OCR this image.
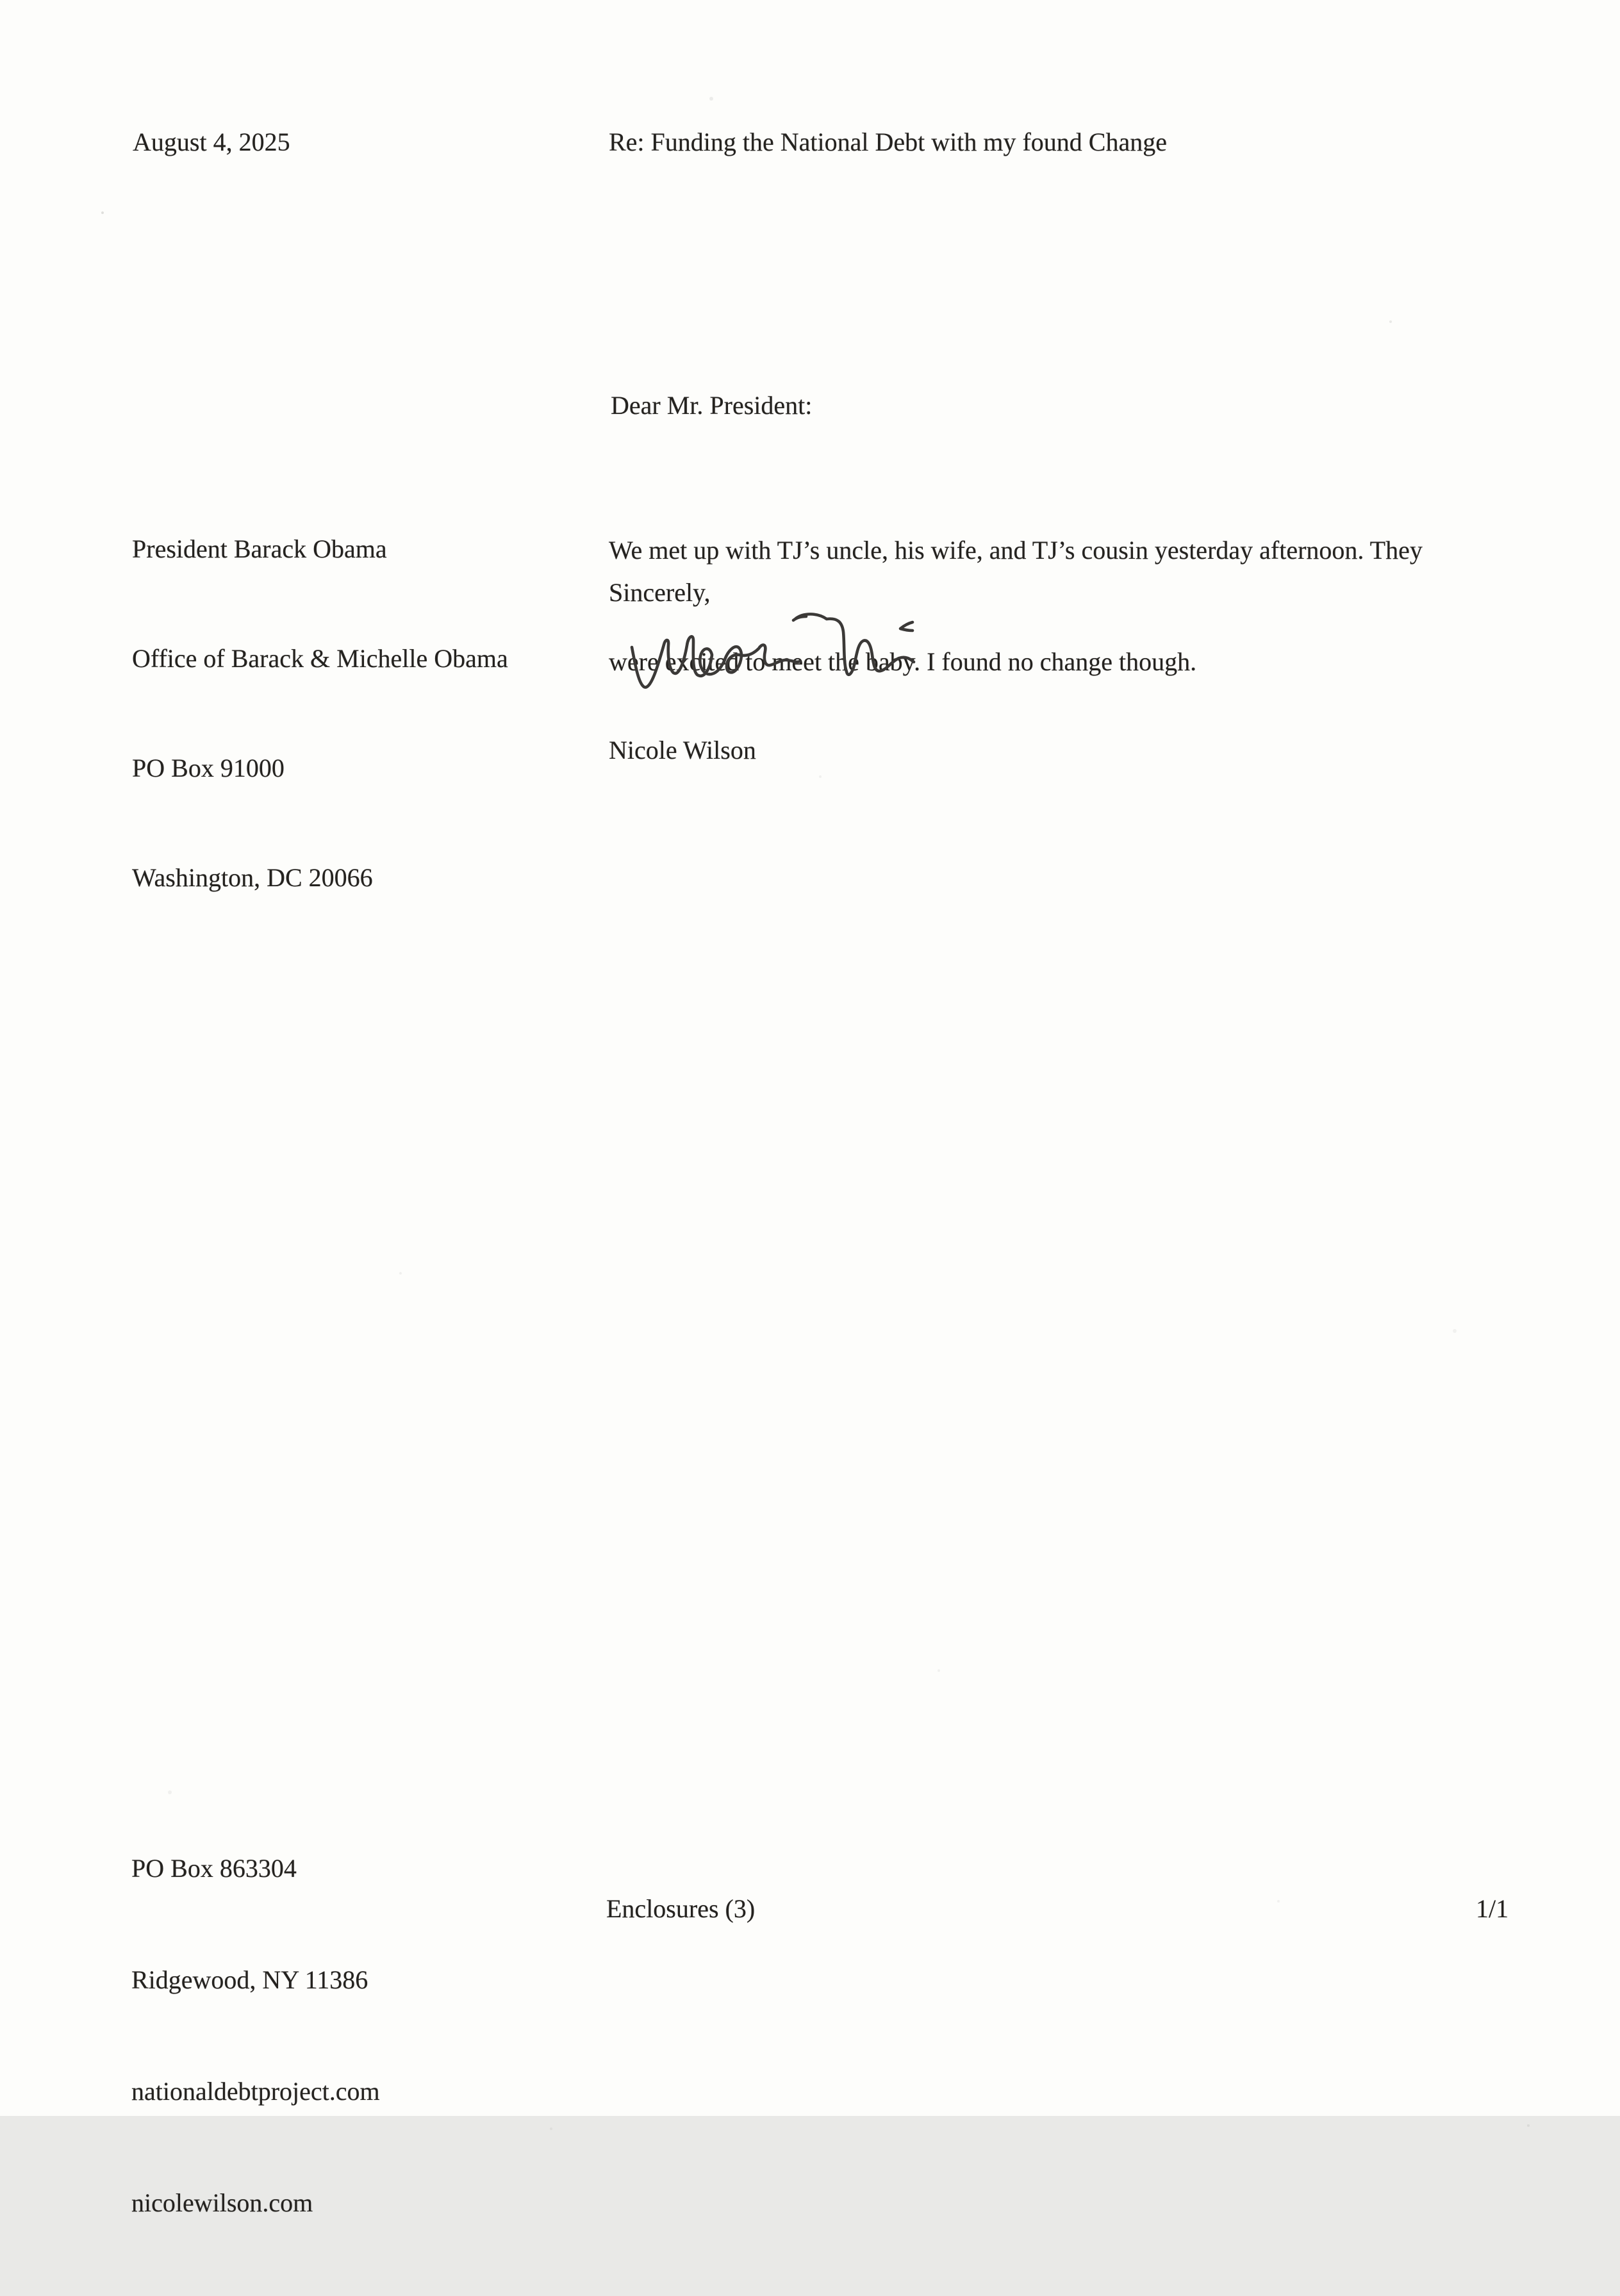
August 4, 2025	Re: Funding the National Debt with my found Change
Dear Mr. President:

President Barack Obama

Office of Barack & Michelle Obama

PO Box 91000

Washington, DC 20066

We met up with TJ’s uncle, his wife, and TJ’s cousin yesterday afternoon. They

were excited to meet the baby. I found no change though.

Sincerely,
Nicole Wilson

PO Box 863304

Ridgewood, NY 11386

nationaldebtproject.com

nicolewilson.com

Enclosures (3)	1/1
